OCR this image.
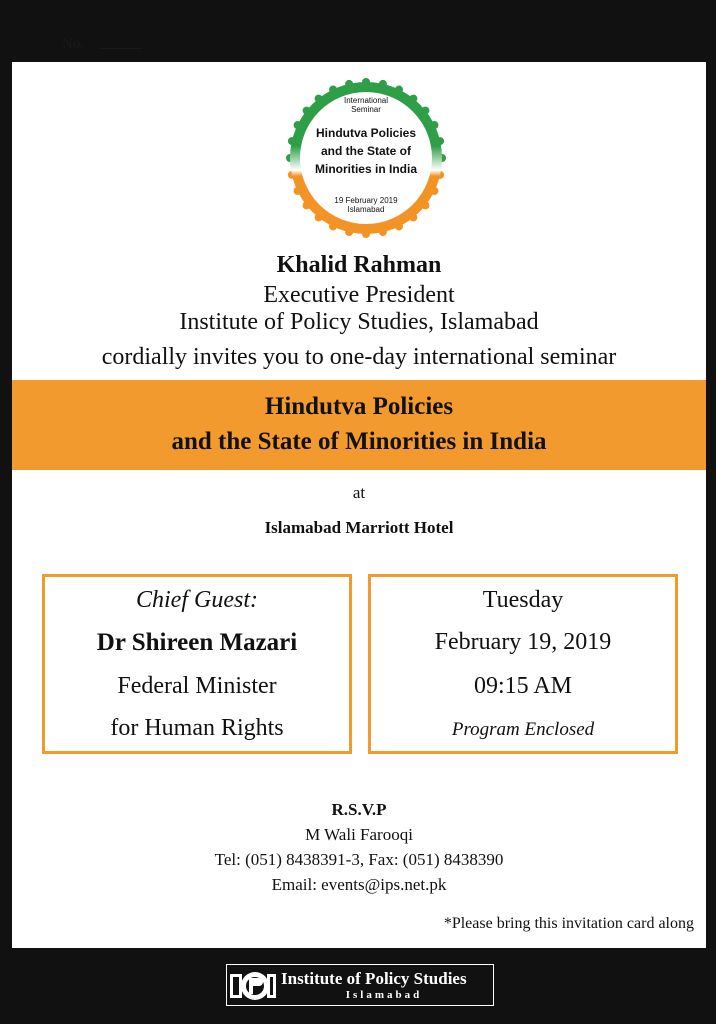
No.
International
Seminar
Hindutva Policies
and the State of
Minorities in India
19 February 2019
Islamabad
Khalid Rahman
Executive President
Institute of Policy Studies, Islamabad
cordially invites you to one-day international seminar
Hindutva Policies
and the State of Minorities in India
at
Islamabad Marriott Hotel
Chief Guest:
Dr Shireen Mazari
Federal Minister
for Human Rights
Tuesday
February 19, 2019
09:15 AM
Program Enclosed
R.S.V.P
M Wali Farooqi
Tel: (051) 8438391-3, Fax: (051) 8438390
Email: events@ips.net.pk
*Please bring this invitation card along
Institute of Policy Studies
Islamabad
